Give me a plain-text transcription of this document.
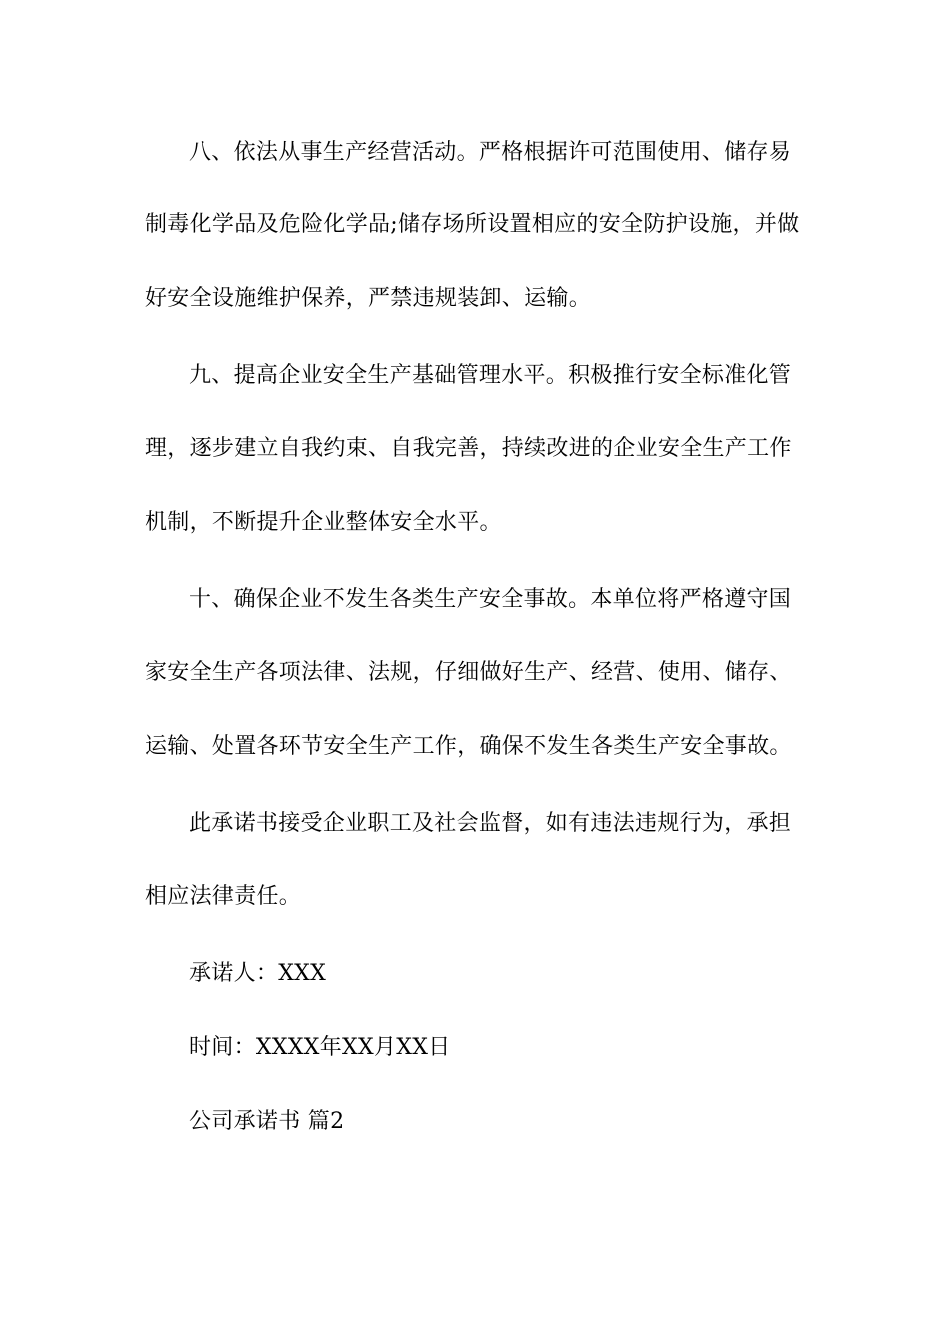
八、依法从事生产经营活动。严格根据许可范围使用、储存易
制毒化学品及危险化学品;储存场所设置相应的安全防护设施，并做
好安全设施维护保养，严禁违规装卸、运输。
九、提高企业安全生产基础管理水平。积极推行安全标准化管
理，逐步建立自我约束、自我完善，持续改进的企业安全生产工作
机制，不断提升企业整体安全水平。
十、确保企业不发生各类生产安全事故。本单位将严格遵守国
家安全生产各项法律、法规，仔细做好生产、经营、使用、储存、
运输、处置各环节安全生产工作，确保不发生各类生产安全事故。
此承诺书接受企业职工及社会监督，如有违法违规行为，承担
相应法律责任。
承诺人：XXX
时间：XXXX年XX月XX日
公司承诺书 篇2
